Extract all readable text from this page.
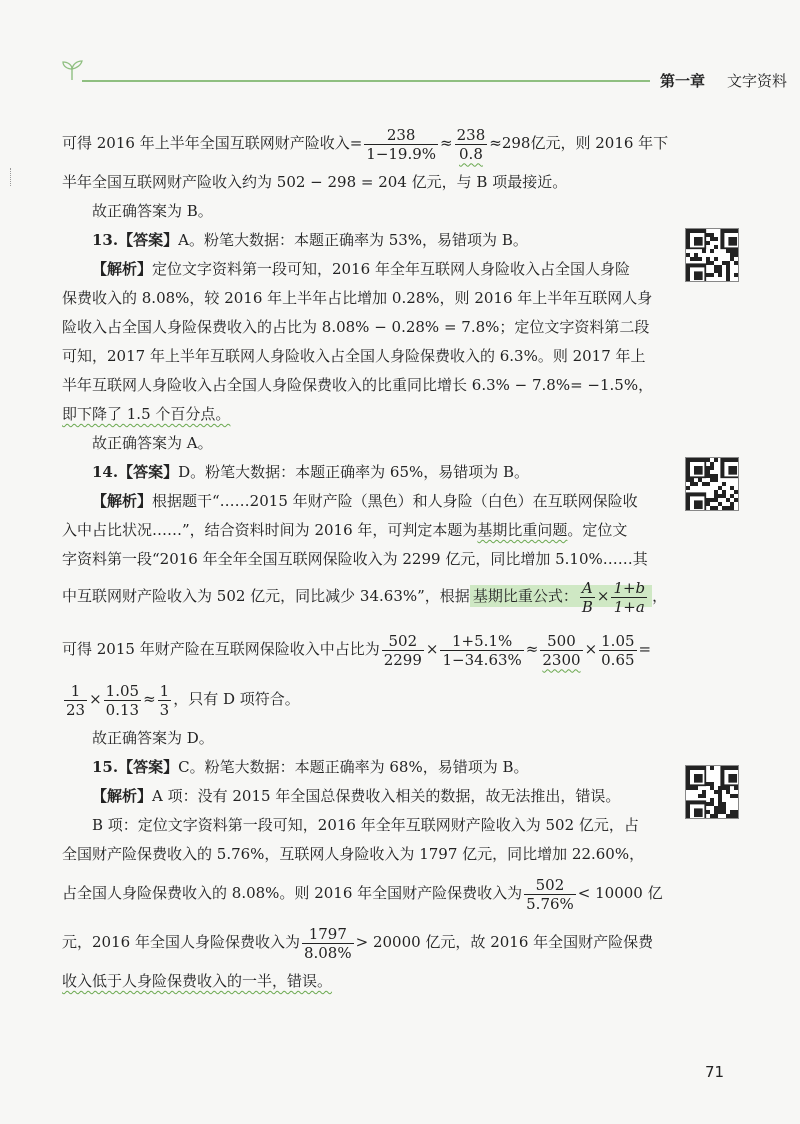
第一章 文字资料
可得 2016 年上半年全国互联网财产险收入= $\frac{238}{1-19.9\%} \approx \frac{238}{0.8} \approx 298$亿元，则 2016 年下
半年全国互联网财产险收入约为 502 − 298 = 204 亿元，与 B 项最接近。
故正确答案为 B。
13.【答案】A。粉笔大数据：本题正确率为 53%，易错项为 B。
【解析】定位文字资料第一段可知，2016 年全年互联网人身险收入占全国人身险
保费收入的 8.08%，较 2016 年上半年占比增加 0.28%，则 2016 年上半年互联网人身
险收入占全国人身险保费收入的占比为 8.08% − 0.28% = 7.8%；定位文字资料第二段
可知，2017 年上半年互联网人身险收入占全国人身险保费收入的 6.3%。则 2017 年上
半年互联网人身险收入占全国人身险保费收入的比重同比增长 6.3% − 7.8%= −1.5%，
即下降了 1.5 个百分点。
故正确答案为 A。
14.【答案】D。粉笔大数据：本题正确率为 65%，易错项为 B。
【解析】根据题干“……2015 年财产险（黑色）和人身险（白色）在互联网保险收
入中占比状况……”，结合资料时间为 2016 年，可判定本题为基期比重问题。定位文
字资料第一段“2016 年全年全国互联网保险收入为 2299 亿元，同比增加 5.10%……其
中互联网财产险收入为 502 亿元，同比减少 34.63%”，根据 基期比重公式： $\frac{A}{B} \times \frac{1+b}{1+a}$ ，
可得 2015 年财产险在互联网保险收入中占比为 $\frac{502}{2299} \times \frac{1+5.1\%}{1-34.63\%} \approx \frac{500}{2300} \times \frac{1.05}{0.65}$ =
$\frac{1}{23} \times \frac{1.05}{0.13} \approx \frac{1}{3}$ ，只有 D 项符合。
故正确答案为 D。
15.【答案】C。粉笔大数据：本题正确率为 68%，易错项为 B。
【解析】A 项：没有 2015 年全国总保费收入相关的数据，故无法推出，错误。
B 项：定位文字资料第一段可知，2016 年全年互联网财产险收入为 502 亿元，占
全国财产险保费收入的 5.76%，互联网人身险收入为 1797 亿元，同比增加 22.60%，
占全国人身险保费收入的 8.08%。则 2016 年全国财产险保费收入为 $\frac{502}{5.76\%} < 10000$ 亿
元，2016 年全国人身险保费收入为 $\frac{1797}{8.08\%} > 20000$ 亿元，故 2016 年全国财产险保费
收入低于人身险保费收入的一半，错误。
71
